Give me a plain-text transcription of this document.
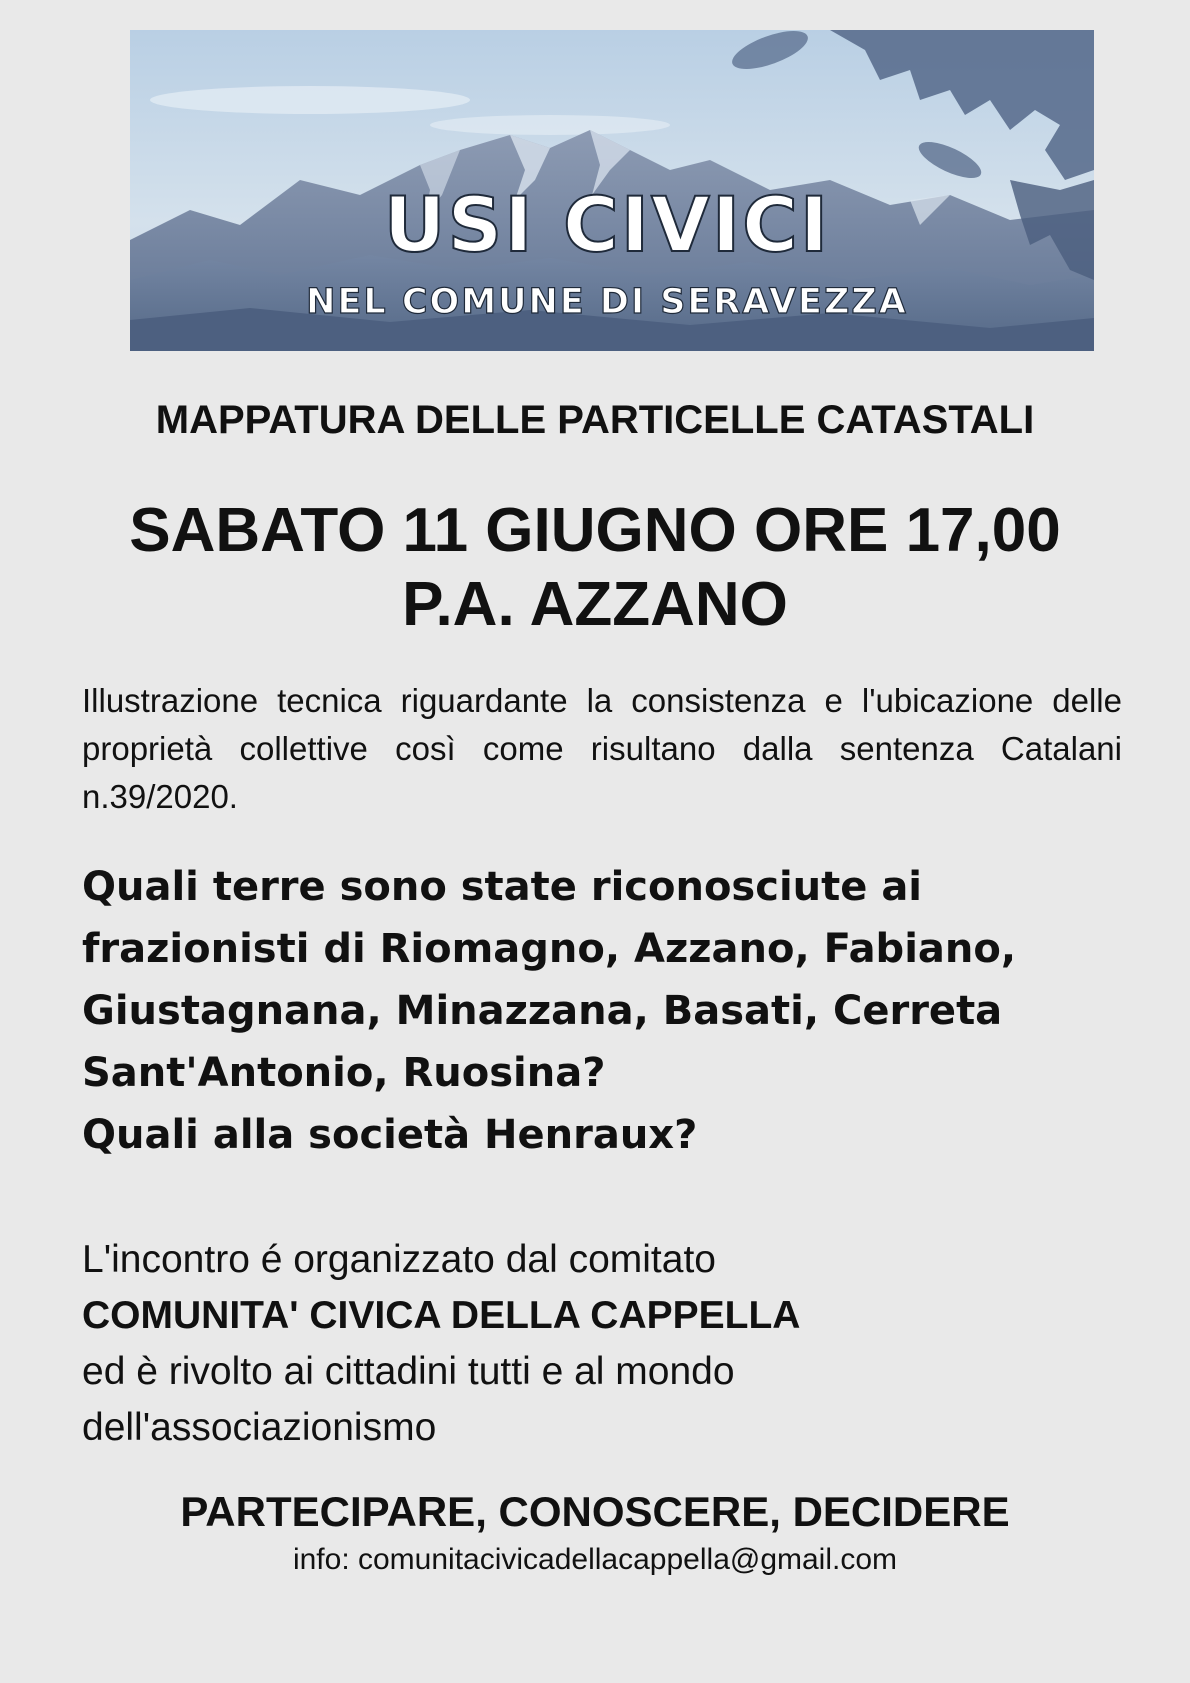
USI CIVICI
NEL COMUNE DI SERAVEZZA
MAPPATURA DELLE PARTICELLE CATASTALI
SABATO 11 GIUGNO ORE 17,00
P.A. AZZANO
Illustrazione tecnica riguardante la consistenza e l'ubicazione delle proprietà collettive così come risultano dalla sentenza Catalani n.39/2020.
Quali terre sono state riconosciute ai
frazionisti di Riomagno, Azzano, Fabiano,
Giustagnana, Minazzana, Basati, Cerreta
Sant'Antonio, Ruosina?
Quali alla società Henraux?
L'incontro é organizzato dal comitato
COMUNITA' CIVICA DELLA CAPPELLA
ed è rivolto ai cittadini tutti e al mondo
dell'associazionismo
PARTECIPARE, CONOSCERE, DECIDERE
info: comunitacivicadellacappella@gmail.com
